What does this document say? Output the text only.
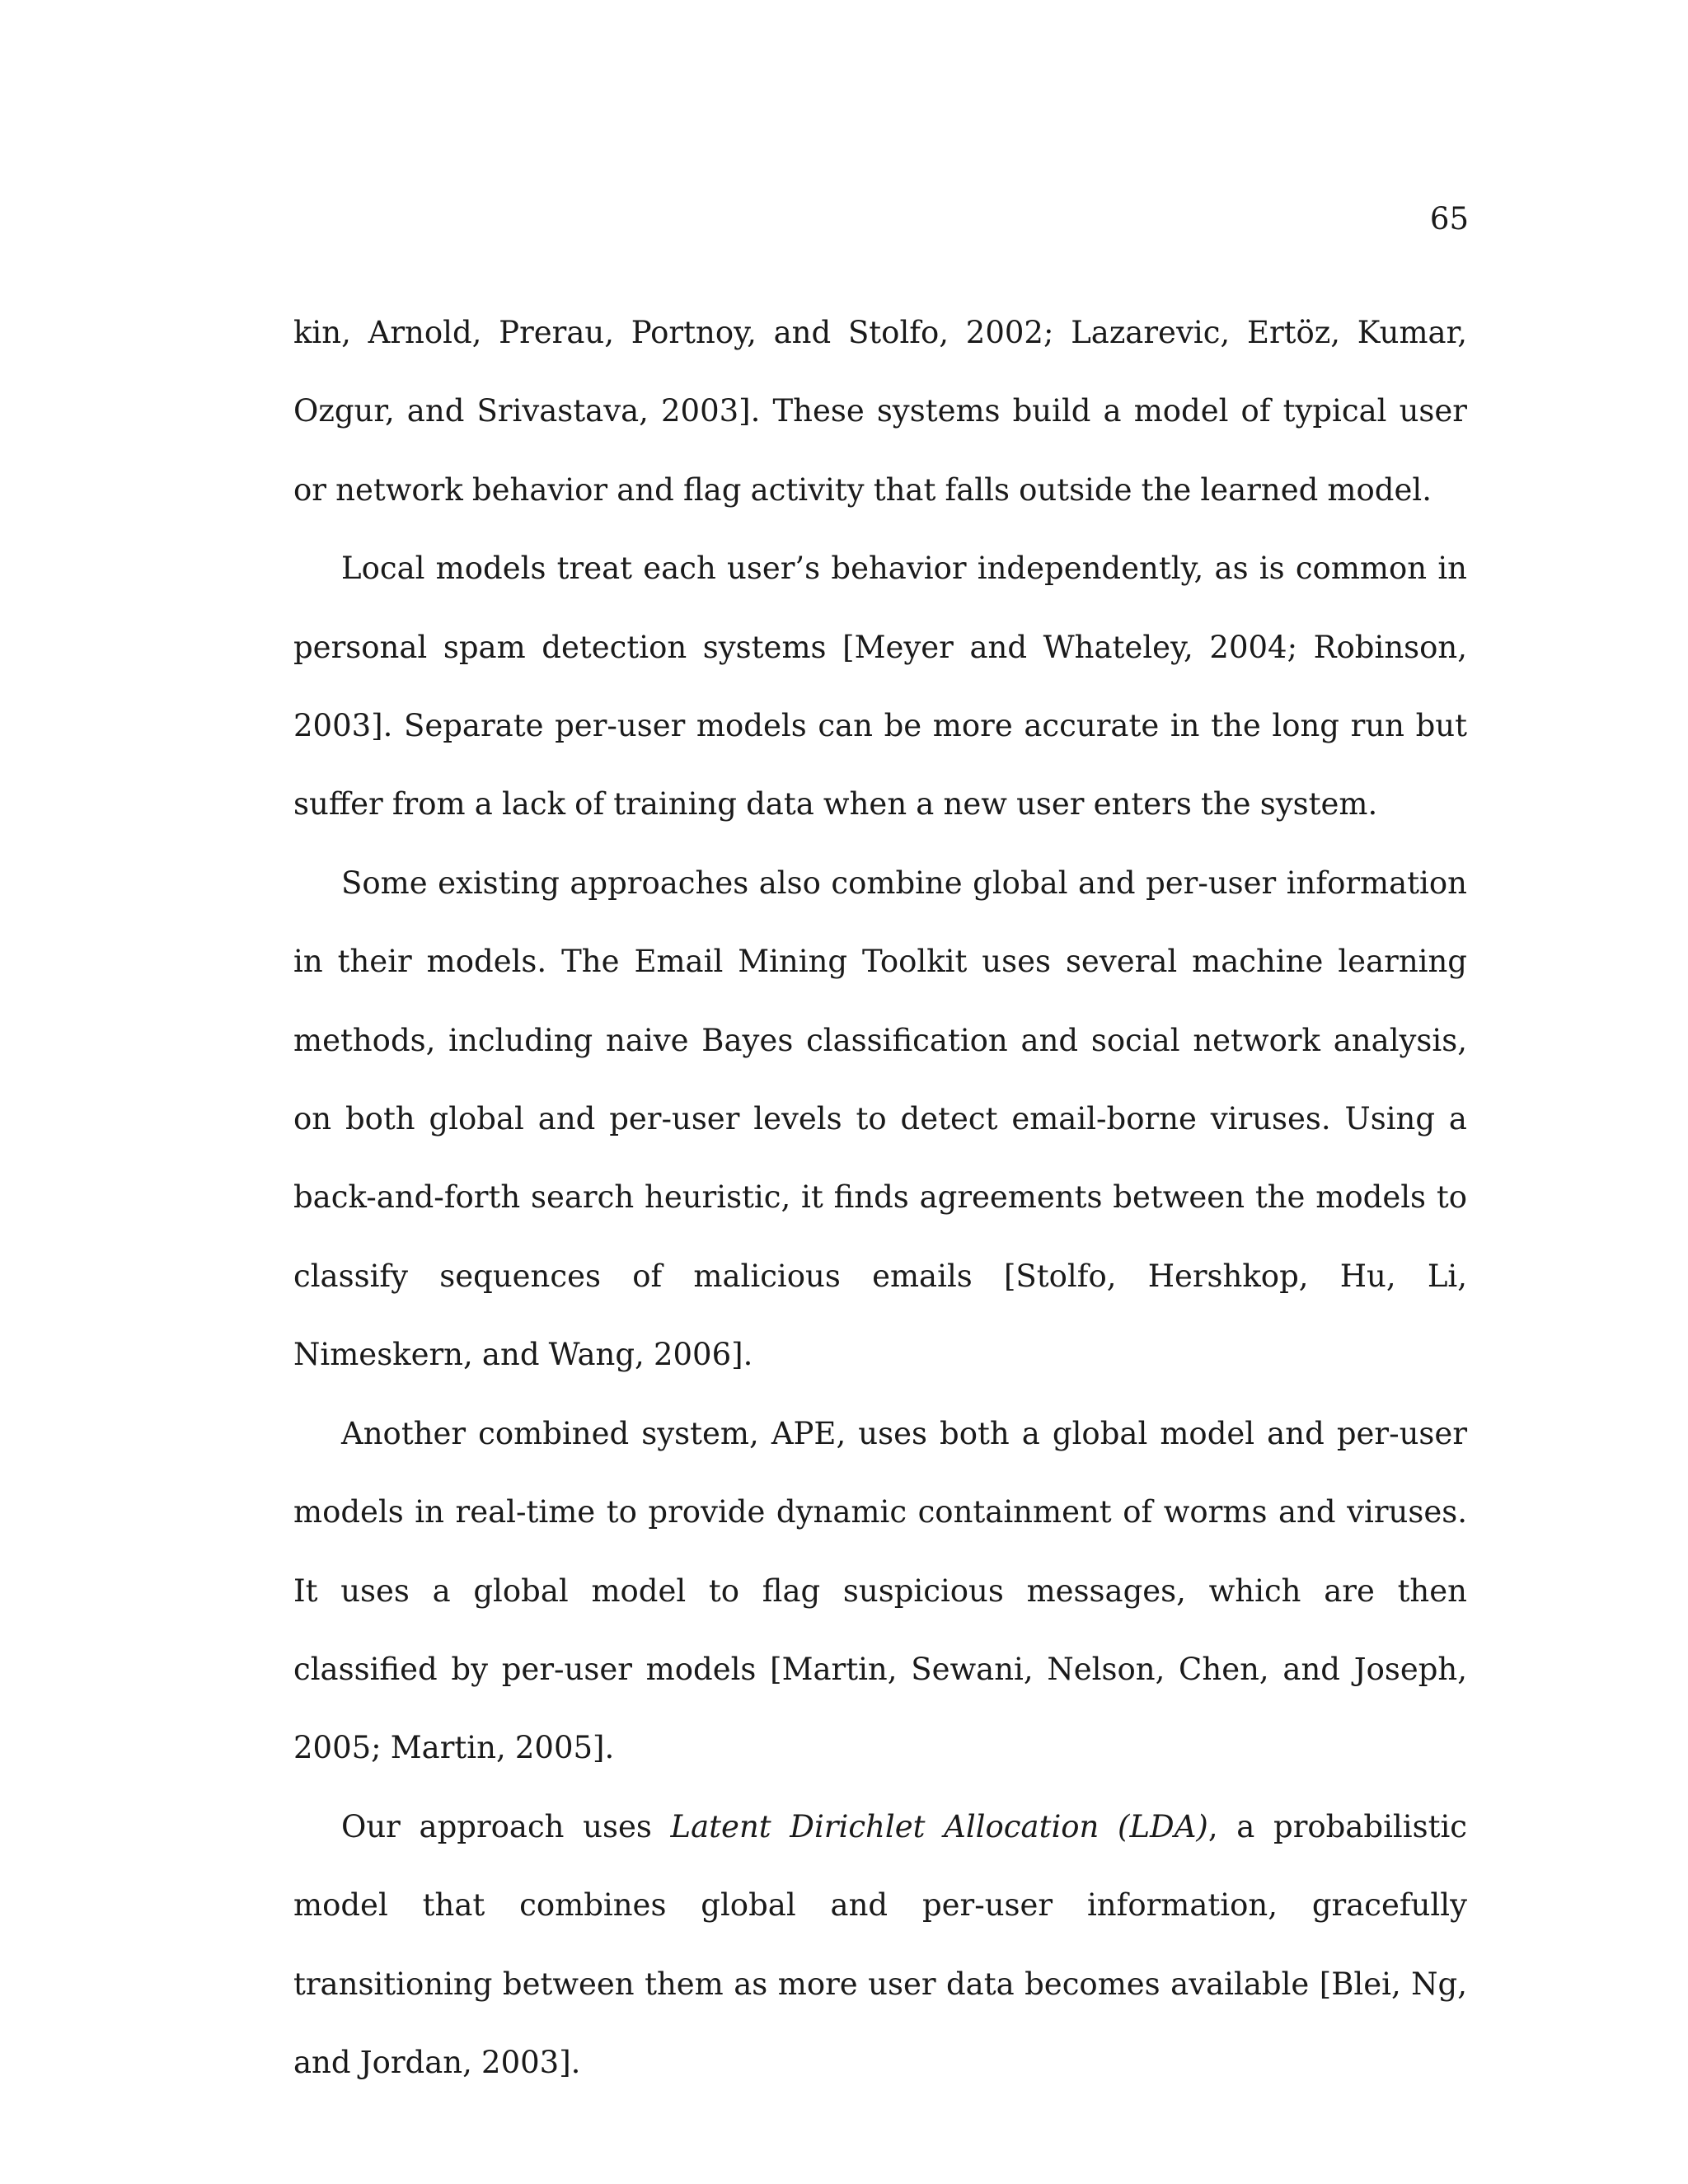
65

kin, Arnold, Prerau, Portnoy, and Stolfo, 2002; Lazarevic, Ertöz, Kumar, Ozgur, and Srivastava, 2003]. These systems build a model of typical user or network behavior and flag activity that falls outside the learned model.

Local models treat each user’s behavior independently, as is common in personal spam detection systems [Meyer and Whateley, 2004; Robinson, 2003]. Separate per-user models can be more accurate in the long run but suffer from a lack of training data when a new user enters the system.

Some existing approaches also combine global and per-user information in their models. The Email Mining Toolkit uses several machine learning methods, including naive Bayes classification and social network analysis, on both global and per-user levels to detect email-borne viruses. Using a back-and-forth search heuristic, it finds agreements between the models to classify sequences of malicious emails [Stolfo, Hershkop, Hu, Li, Nimeskern, and Wang, 2006].

Another combined system, APE, uses both a global model and per-user models in real-time to provide dynamic containment of worms and viruses. It uses a global model to flag suspicious messages, which are then classified by per-user models [Martin, Sewani, Nelson, Chen, and Joseph, 2005; Martin, 2005].

Our approach uses Latent Dirichlet Allocation (LDA), a probabilistic model that combines global and per-user information, gracefully transitioning between them as more user data becomes available [Blei, Ng, and Jordan, 2003].
